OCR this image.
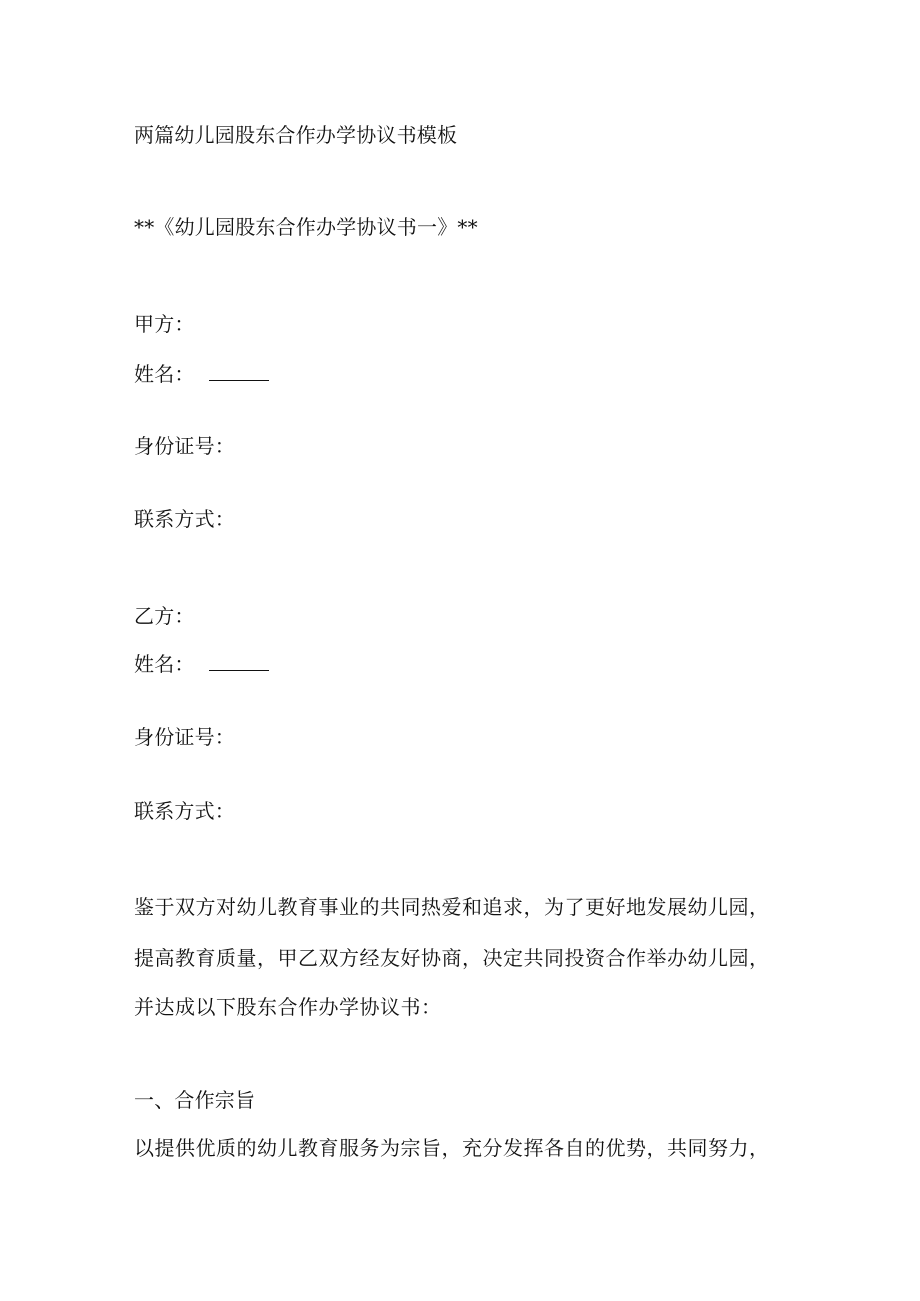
两篇幼儿园股东合作办学协议书模板
**《幼儿园股东合作办学协议书一》**
甲方：
姓名：
身份证号：
联系方式：
乙方：
姓名：
身份证号：
联系方式：
鉴于双方对幼儿教育事业的共同热爱和追求，为了更好地发展幼儿园，
提高教育质量，甲乙双方经友好协商，决定共同投资合作举办幼儿园，
并达成以下股东合作办学协议书：
一、合作宗旨
以提供优质的幼儿教育服务为宗旨，充分发挥各自的优势，共同努力，
